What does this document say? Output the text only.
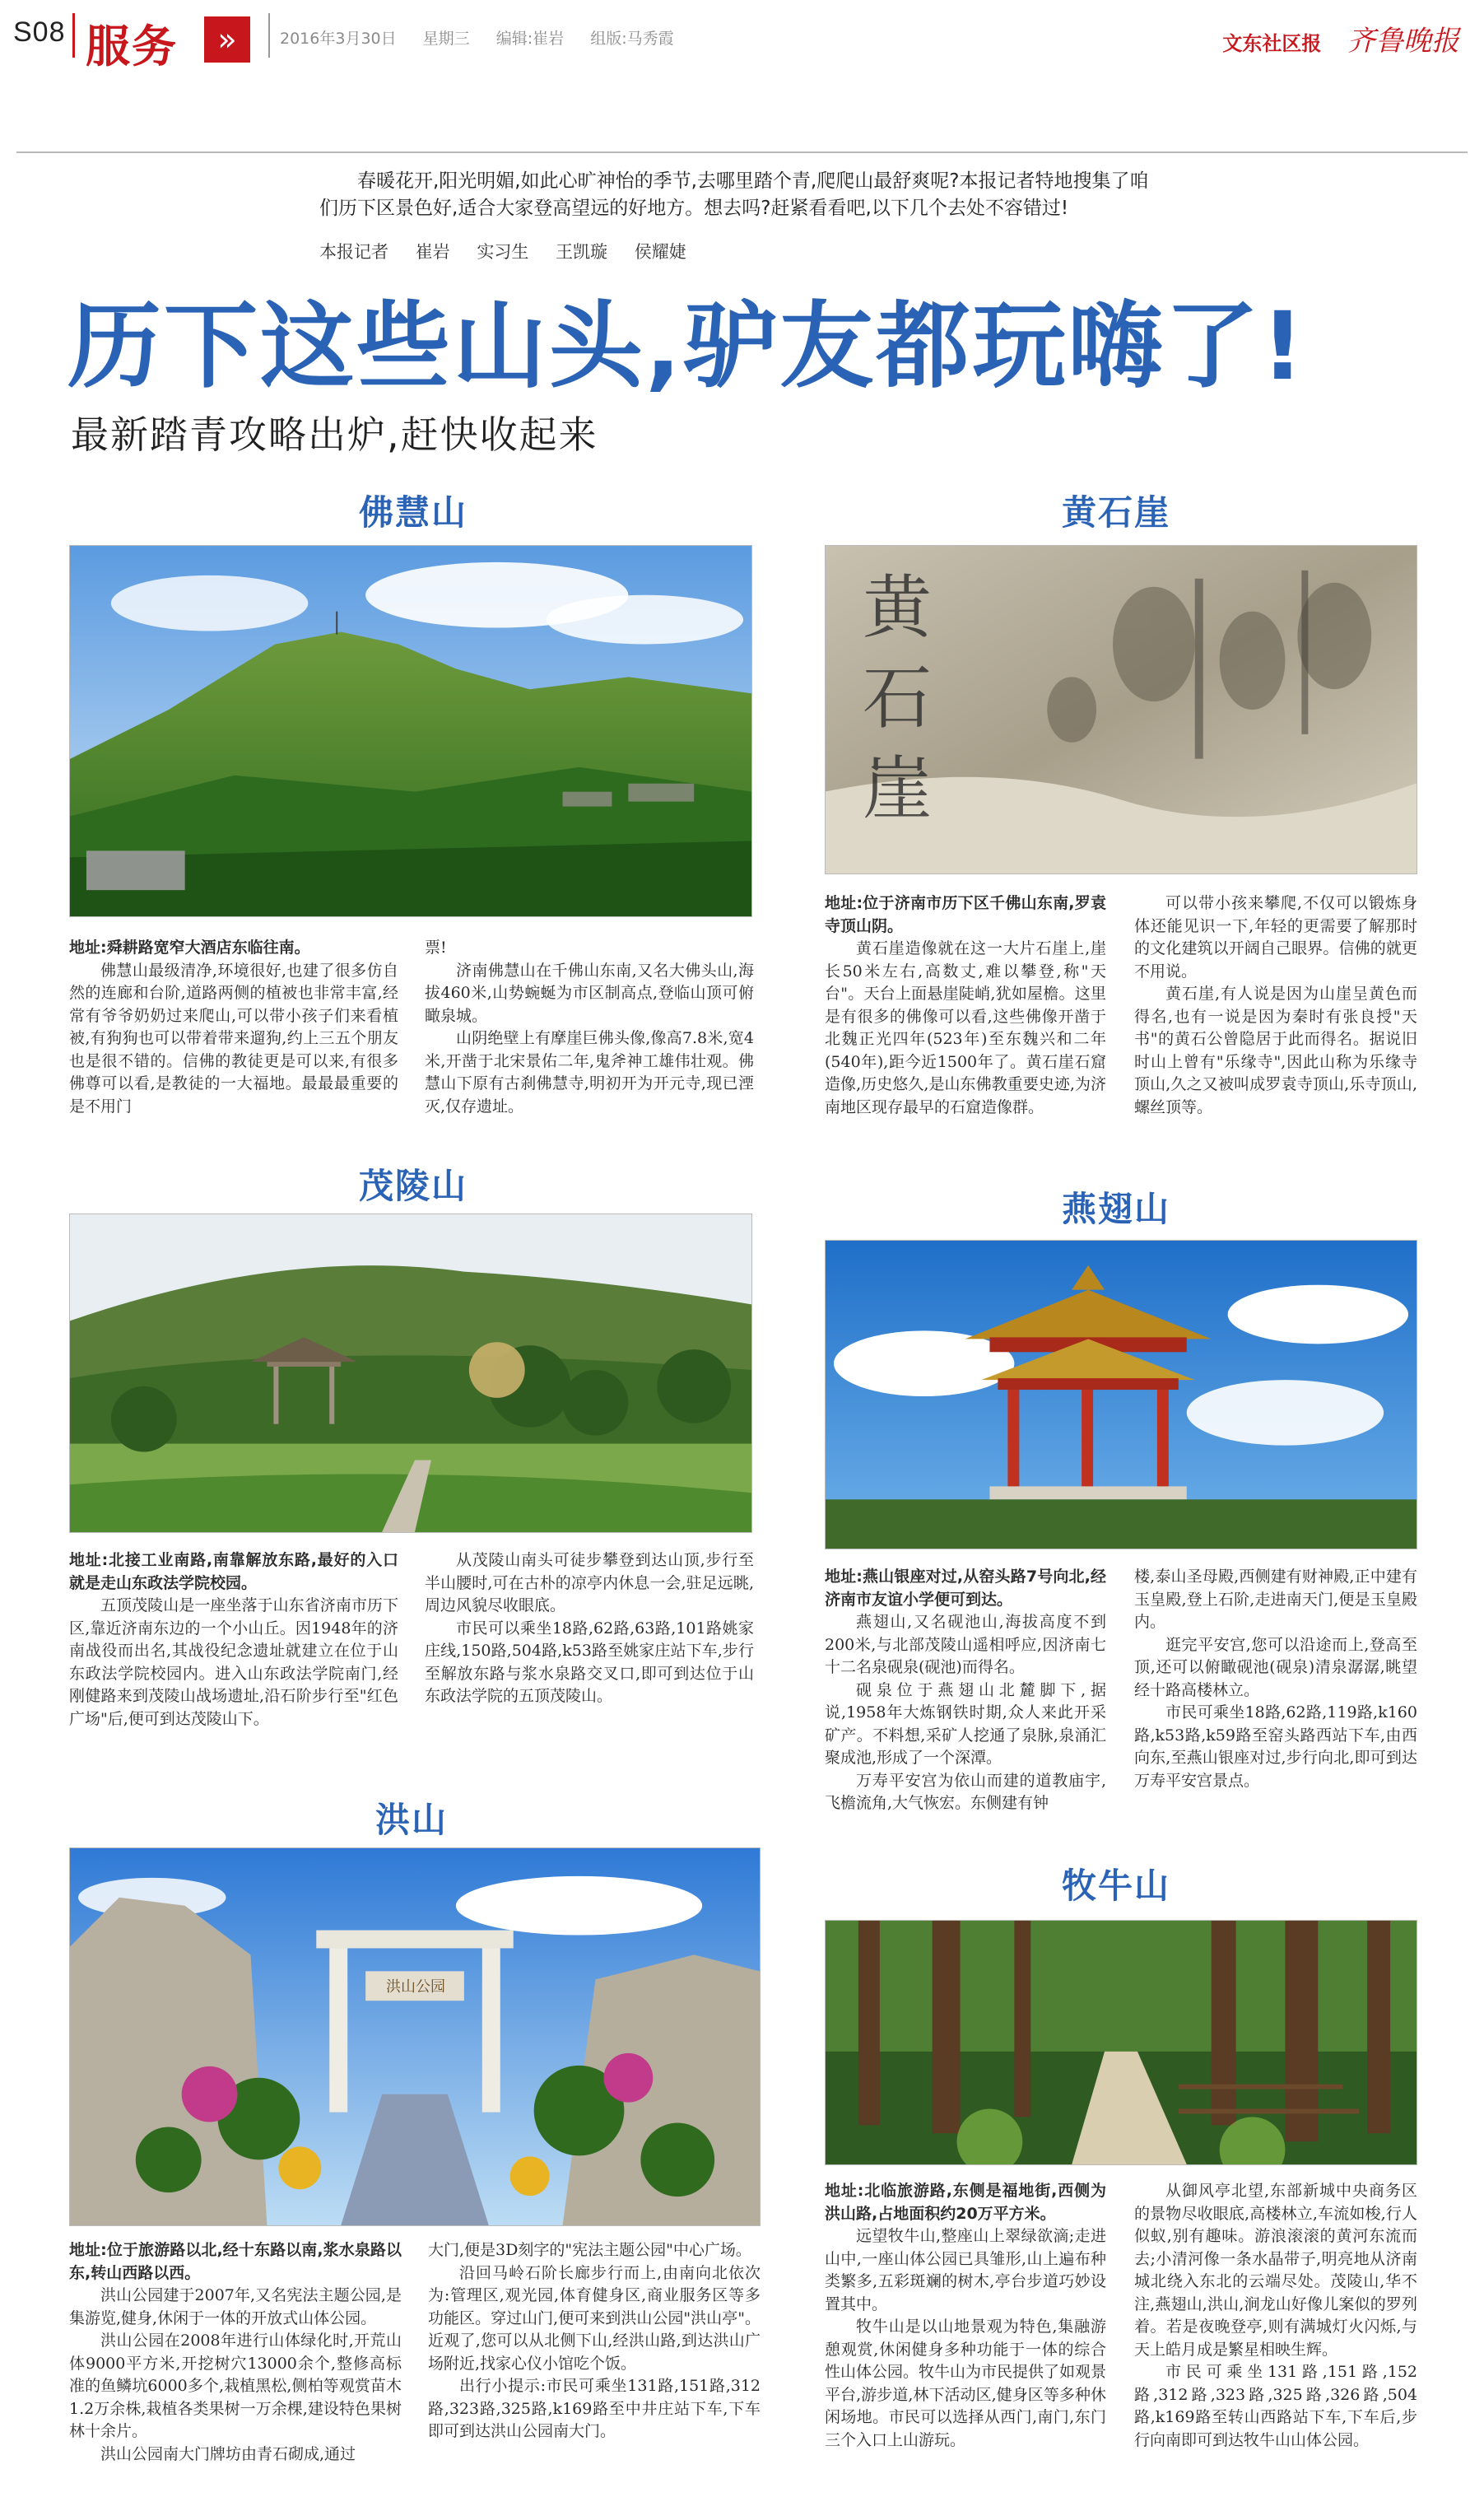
S08 服务	»	2016年3月30日 星期三 编辑:崔岩 组版:马秀霞	文东社区报 齐鲁晚报

春暖花开,阳光明媚,如此心旷神怡的季节,去哪里踏个青,爬爬山最舒爽呢?本报记者特地搜集了咱们历下区景色好,适合大家登高望远的好地方。想去吗?赶紧看看吧,以下几个去处不容错过!

本报记者 崔岩 实习生 王凯璇 侯耀婕
历下这些山头,驴友都玩嗨了!
最新踏青攻略出炉,赶快收起来
佛慧山

地址:舜耕路宽窄大酒店东临往南。

佛慧山最级清净,环境很好,也建了很多仿自然的连廊和台阶,道路两侧的植被也非常丰富,经常有爷爷奶奶过来爬山,可以带小孩子们来看植被,有狗狗也可以带着带来遛狗,约上三五个朋友也是很不错的。信佛的教徒更是可以来,有很多佛尊可以看,是教徒的一大福地。最最最重要的是不用门

票!

济南佛慧山在千佛山东南,又名大佛头山,海拔460米,山势蜿蜒为市区制高点,登临山顶可俯瞰泉城。

山阴绝壁上有摩崖巨佛头像,像高7.8米,宽4米,开凿于北宋景佑二年,鬼斧神工雄伟壮观。佛慧山下原有古刹佛慧寺,明初开为开元寺,现已湮灭,仅存遗址。

黄石崖
黄
石
崖

地址:位于济南市历下区千佛山东南,罗袁寺顶山阴。

黄石崖造像就在这一大片石崖上,崖长50米左右,高数丈,难以攀登,称"天台"。天台上面悬崖陡峭,犹如屋檐。这里是有很多的佛像可以看,这些佛像开凿于北魏正光四年(523年)至东魏兴和二年(540年),距今近1500年了。黄石崖石窟造像,历史悠久,是山东佛教重要史迹,为济南地区现存最早的石窟造像群。

可以带小孩来攀爬,不仅可以锻炼身体还能见识一下,年轻的更需要了解那时的文化建筑以开阔自己眼界。信佛的就更不用说。

黄石崖,有人说是因为山崖呈黄色而得名,也有一说是因为秦时有张良授"天书"的黄石公曾隐居于此而得名。据说旧时山上曾有"乐缘寺",因此山称为乐缘寺顶山,久之又被叫成罗袁寺顶山,乐寺顶山,螺丝顶等。

茂陵山

地址:北接工业南路,南靠解放东路,最好的入口就是走山东政法学院校园。

五顶茂陵山是一座坐落于山东省济南市历下区,靠近济南东边的一个小山丘。因1948年的济南战役而出名,其战役纪念遗址就建立在位于山东政法学院校园内。进入山东政法学院南门,经刚健路来到茂陵山战场遗址,沿石阶步行至"红色广场"后,便可到达茂陵山下。

从茂陵山南头可徒步攀登到达山顶,步行至半山腰时,可在古朴的凉亭内休息一会,驻足远眺,周边风貌尽收眼底。

市民可以乘坐18路,62路,63路,101路姚家庄线,150路,504路,k53路至姚家庄站下车,步行至解放东路与浆水泉路交叉口,即可到达位于山东政法学院的五顶茂陵山。

燕翅山

地址:燕山银座对过,从窑头路7号向北,经济南市友谊小学便可到达。

燕翅山,又名砚池山,海拔高度不到200米,与北部茂陵山遥相呼应,因济南七十二名泉砚泉(砚池)而得名。

砚泉位于燕翅山北麓脚下,据说,1958年大炼钢铁时期,众人来此开采矿产。不料想,采矿人挖通了泉脉,泉涌汇聚成池,形成了一个深潭。

万寿平安宫为依山而建的道教庙宇,飞檐流角,大气恢宏。东侧建有钟

楼,泰山圣母殿,西侧建有财神殿,正中建有玉皇殿,登上石阶,走进南天门,便是玉皇殿内。

逛完平安宫,您可以沿途而上,登高至顶,还可以俯瞰砚池(砚泉)清泉潺潺,眺望经十路高楼林立。

市民可乘坐18路,62路,119路,k160路,k53路,k59路至窑头路西站下车,由西向东,至燕山银座对过,步行向北,即可到达万寿平安宫景点。

洪山
洪山公园

地址:位于旅游路以北,经十东路以南,浆水泉路以东,转山西路以西。

洪山公园建于2007年,又名宪法主题公园,是集游览,健身,休闲于一体的开放式山体公园。

洪山公园在2008年进行山体绿化时,开荒山体9000平方米,开挖树穴13000余个,整修高标准的鱼鳞坑6000多个,栽植黑松,侧柏等观赏苗木1.2万余株,栽植各类果树一万余棵,建设特色果树林十余片。

洪山公园南大门牌坊由青石砌成,通过

大门,便是3D刻字的"宪法主题公园"中心广场。

沿回马岭石阶长廊步行而上,由南向北依次为:管理区,观光园,体育健身区,商业服务区等多功能区。穿过山门,便可来到洪山公园"洪山亭"。近观了,您可以从北侧下山,经洪山路,到达洪山广场附近,找家心仪小馆吃个饭。

出行小提示:市民可乘坐131路,151路,312路,323路,325路,k169路至中井庄站下车,下车即可到达洪山公园南大门。

牧牛山

地址:北临旅游路,东侧是福地街,西侧为洪山路,占地面积约20万平方米。

远望牧牛山,整座山上翠绿欲滴;走进山中,一座山体公园已具雏形,山上遍布种类繁多,五彩斑斓的树木,亭台步道巧妙设置其中。

牧牛山是以山地景观为特色,集融游憩观赏,休闲健身多种功能于一体的综合性山体公园。牧牛山为市民提供了如观景平台,游步道,林下活动区,健身区等多种休闲场地。市民可以选择从西门,南门,东门三个入口上山游玩。

从御风亭北望,东部新城中央商务区的景物尽收眼底,高楼林立,车流如梭,行人似蚁,别有趣味。游浪滚滚的黄河东流而去;小清河像一条水晶带子,明亮地从济南城北绕入东北的云端尽处。茂陵山,华不注,燕翅山,洪山,涧龙山好像儿案似的罗列着。若是夜晚登亭,则有满城灯火闪烁,与天上皓月成是繁星相映生辉。

市民可乘坐131路,151路,152路,312路,323路,325路,326路,504路,k169路至转山西路站下车,下车后,步行向南即可到达牧牛山山体公园。
